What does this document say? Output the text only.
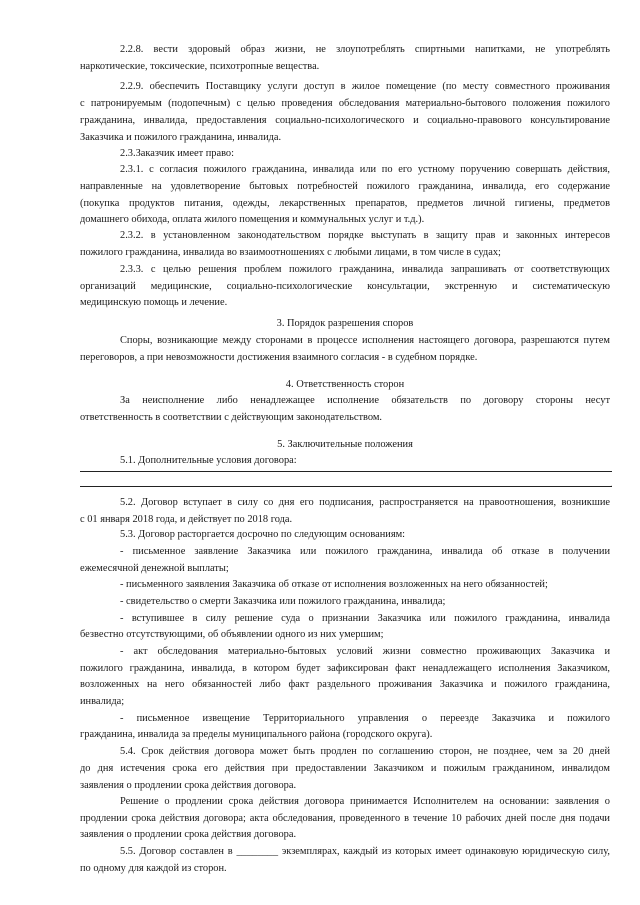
2.2.8. вести здоровый образ жизни, не злоупотреблять спиртными напитками, не употреблять
наркотические, токсические, психотропные вещества.
2.2.9. обеспечить Поставщику услуги доступ в жилое помещение (по месту совместного проживания
с патронируемым (подопечным) с целью проведения обследования материально-бытового положения пожилого
гражданина, инвалида, предоставления социально-психологического и социально-правового консультирование
Заказчика и пожилого гражданина, инвалида.
2.3.Заказчик имеет право:
2.3.1. с согласия пожилого гражданина, инвалида или по его устному поручению совершать действия,
направленные на удовлетворение бытовых потребностей пожилого гражданина, инвалида, его содержание
(покупка продуктов питания, одежды, лекарственных препаратов, предметов личной гигиены, предметов
домашнего обихода, оплата жилого помещения и коммунальных услуг и т.д.).
2.3.2. в установленном законодательством порядке выступать в защиту прав и законных интересов
пожилого гражданина, инвалида во взаимоотношениях с любыми лицами, в том числе в судах;
2.3.3. с целью решения проблем пожилого гражданина, инвалида запрашивать от соответствующих
организаций медицинские, социально-психологические консультации, экстренную и систематическую
медицинскую помощь и лечение.
3. Порядок разрешения споров
Споры, возникающие между сторонами в процессе исполнения настоящего договора, разрешаются путем
переговоров, а при невозможности достижения взаимного согласия - в судебном порядке.
4. Ответственность сторон
За неисполнение либо ненадлежащее исполнение обязательств по договору стороны несут
ответственность в соответствии с действующим законодательством.
5. Заключительные положения
5.1. Дополнительные условия договора:
5.2. Договор вступает в силу со дня его подписания, распространяется на правоотношения, возникшие
с 01 января 2018 года, и действует по 2018 года.
5.3. Договор расторгается досрочно по следующим основаниям:
- письменное заявление Заказчика или пожилого гражданина, инвалида об отказе в получении
ежемесячной денежной выплаты;
- письменного заявления Заказчика об отказе от исполнения возложенных на него обязанностей;
- свидетельство о смерти Заказчика или пожилого гражданина, инвалида;
- вступившее в силу решение суда о признании Заказчика или пожилого гражданина, инвалида
безвестно отсутствующими, об объявлении одного из них умершим;
- акт обследования материально-бытовых условий жизни совместно проживающих Заказчика и
пожилого гражданина, инвалида, в котором будет зафиксирован факт ненадлежащего исполнения Заказчиком,
возложенных на него обязанностей либо факт раздельного проживания Заказчика и пожилого гражданина,
инвалида;
- письменное извещение Территориального управления о переезде Заказчика и пожилого
гражданина, инвалида за пределы муниципального района (городского округа).
5.4. Срок действия договора может быть продлен по соглашению сторон, не позднее, чем за 20 дней
до дня истечения срока его действия при предоставлении Заказчиком и пожилым гражданином, инвалидом
заявления о продлении срока действия договора.
Решение о продлении срока действия договора принимается Исполнителем на основании: заявления о
продлении срока действия договора; акта обследования, проведенного в течение 10 рабочих дней после дня подачи
заявления о продлении срока действия договора.
5.5. Договор составлен в ________ экземплярах, каждый из которых имеет одинаковую юридическую силу,
по одному для каждой из сторон.
.
